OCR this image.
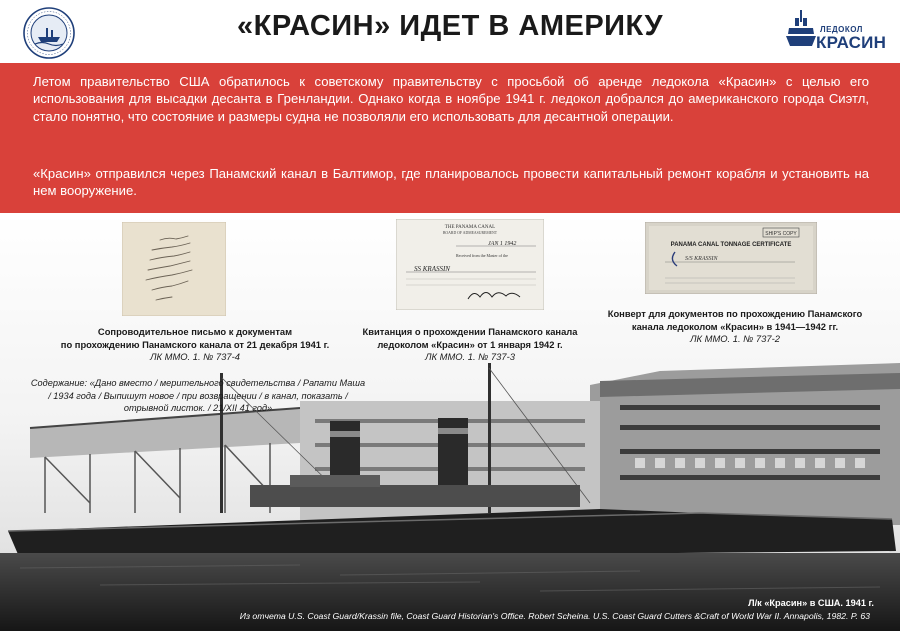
«КРАСИН» ИДЕТ В АМЕРИКУ	ЛЕДОКОЛ
КРАСИН

Летом правительство США обратилось к советскому правительству с просьбой об аренде ледокола «Красин» с целью его использования для высадки десанта в Гренландии. Однако когда в ноябре 1941 г. ледокол добрался до американского города Сиэтл, стало понятно, что состояние и размеры судна не позволяли его использовать для десантной операции.

«Красин» отправился через Панамский канал в Балтимор, где планировалось провести капитальный ремонт корабля и установить на нем вооружение.

THE PANAMA CANAL
BOARD OF ADMEASUREMENT
JAN 1 1942
Received from the Master of the
SS KRASSIN
SHIP'S COPY
PANAMA CANAL TONNAGE CERTIFICATE
S/S KRASSIN
Сопроводительное письмо к документам
по прохождению Панамского канала от 21 декабря 1941 г.
ЛК ММО. 1. № 737-4
Квитанция о прохождении Панамского канала
ледоколом «Красин» от 1 января 1942 г.
ЛК ММО. 1. № 737-3
Конверт для документов по прохождению Панамского
канала ледоколом «Красин» в 1941—1942 гг.
ЛК ММО. 1. № 737-2
Содержание: «Дано вместо / мерительного свидетельства / Рапати Маша
/ 1934 года / Выпишут новое / при возвращении / в канал, показать /
отрывной листок. / 21/XII 41 год»
Л/к «Красин» в США. 1941 г.
Из отчета U.S. Coast Guard/Krassin file, Coast Guard Historian's Office. Robert Scheina. U.S. Coast Guard Cutters &Craft of World War II. Annapolis, 1982. P. 63
